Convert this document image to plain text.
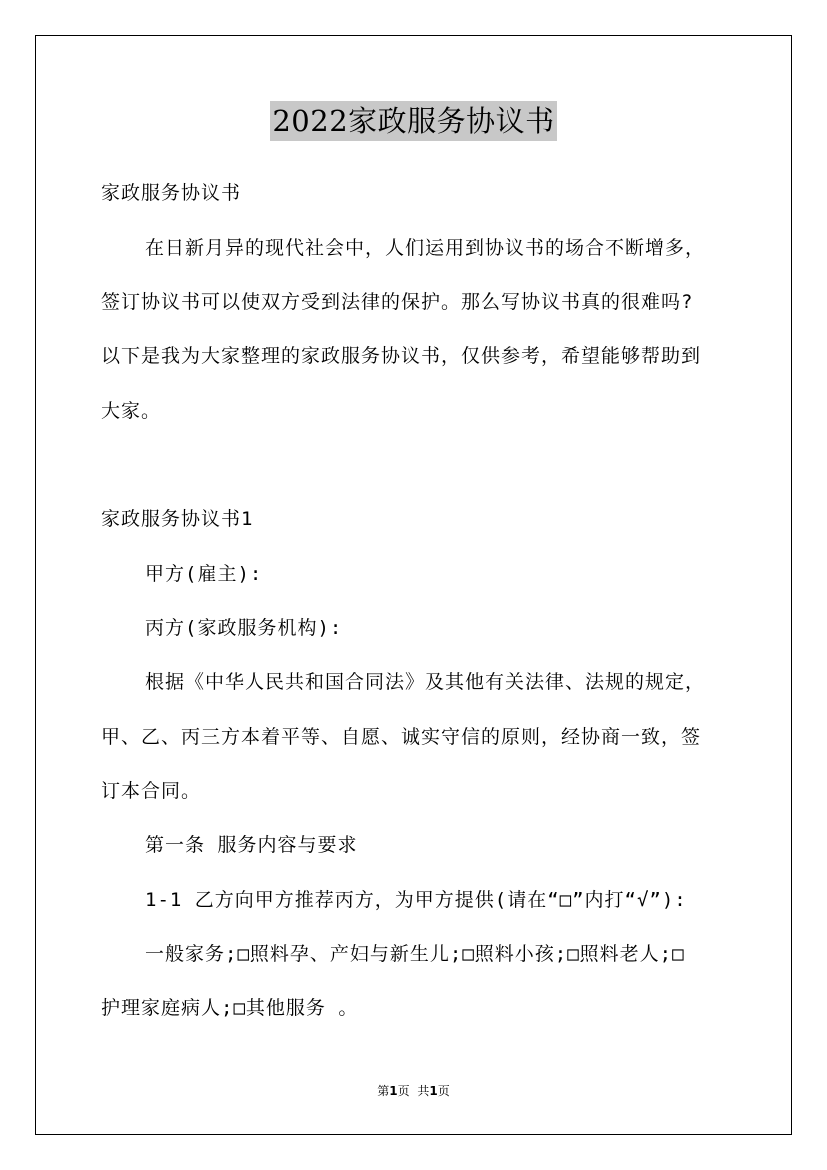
2022家政服务协议书
家政服务协议书
在日新月异的现代社会中，人们运用到协议书的场合不断增多，
签订协议书可以使双方受到法律的保护。那么写协议书真的很难吗?
以下是我为大家整理的家政服务协议书，仅供参考，希望能够帮助到
大家。
家政服务协议书1
甲方(雇主):
丙方(家政服务机构):
根据《中华人民共和国合同法》及其他有关法律、法规的规定，
甲、乙、丙三方本着平等、自愿、诚实守信的原则，经协商一致，签
订本合同。
第一条 服务内容与要求
1-1 乙方向甲方推荐丙方，为甲方提供(请在“□”内打“√”):
一般家务;□照料孕、产妇与新生儿;□照料小孩;□照料老人;□
护理家庭病人;□其他服务 。
第1页 共1页
